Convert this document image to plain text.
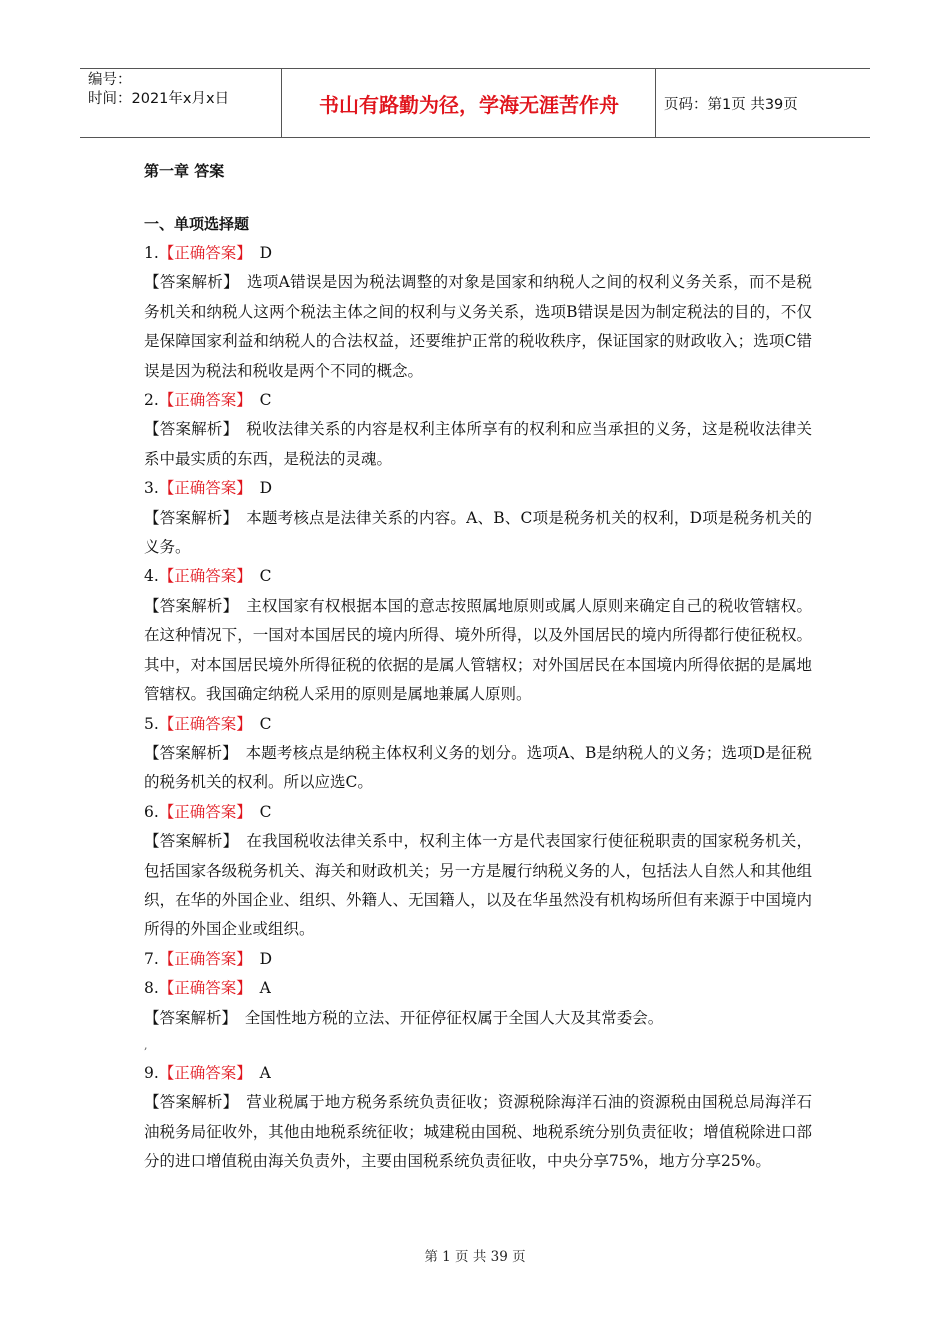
编号：
时间：2021年x月x日	书山有路勤为径，学海无涯苦作舟	页码：第1页 共39页
第一章 答案
一、单项选择题
1.【正确答案】  D
【答案解析】  选项A错误是因为税法调整的对象是国家和纳税人之间的权利义务关系，而不是税务机关和纳税人这两个税法主体之间的权利与义务关系，选项B错误是因为制定税法的目的，不仅是保障国家利益和纳税人的合法权益，还要维护正常的税收秩序，保证国家的财政收入；选项C错误是因为税法和税收是两个不同的概念。
2.【正确答案】  C
【答案解析】  税收法律关系的内容是权利主体所享有的权利和应当承担的义务，这是税收法律关系中最实质的东西，是税法的灵魂。
3.【正确答案】  D
【答案解析】  本题考核点是法律关系的内容。A、B、C项是税务机关的权利，D项是税务机关的义务。
4.【正确答案】  C
【答案解析】  主权国家有权根据本国的意志按照属地原则或属人原则来确定自己的税收管辖权。在这种情况下，一国对本国居民的境内所得、境外所得，以及外国居民的境内所得都行使征税权。其中，对本国居民境外所得征税的依据的是属人管辖权；对外国居民在本国境内所得依据的是属地管辖权。我国确定纳税人采用的原则是属地兼属人原则。
5.【正确答案】  C
【答案解析】  本题考核点是纳税主体权利义务的划分。选项A、B是纳税人的义务；选项D是征税的税务机关的权利。所以应选C。
6.【正确答案】  C
【答案解析】  在我国税收法律关系中，权利主体一方是代表国家行使征税职责的国家税务机关，包括国家各级税务机关、海关和财政机关；另一方是履行纳税义务的人，包括法人自然人和其他组织，在华的外国企业、组织、外籍人、无国籍人，以及在华虽然没有机构场所但有来源于中国境内所得的外国企业或组织。
7.【正确答案】  D
8.【正确答案】  A
【答案解析】  全国性地方税的立法、开征停征权属于全国人大及其常委会。
,
9.【正确答案】  A
【答案解析】  营业税属于地方税务系统负责征收；资源税除海洋石油的资源税由国税总局海洋石油税务局征收外，其他由地税系统征收；城建税由国税、地税系统分别负责征收；增值税除进口部分的进口增值税由海关负责外，主要由国税系统负责征收，中央分享75%，地方分享25%。
第 1 页 共 39 页
